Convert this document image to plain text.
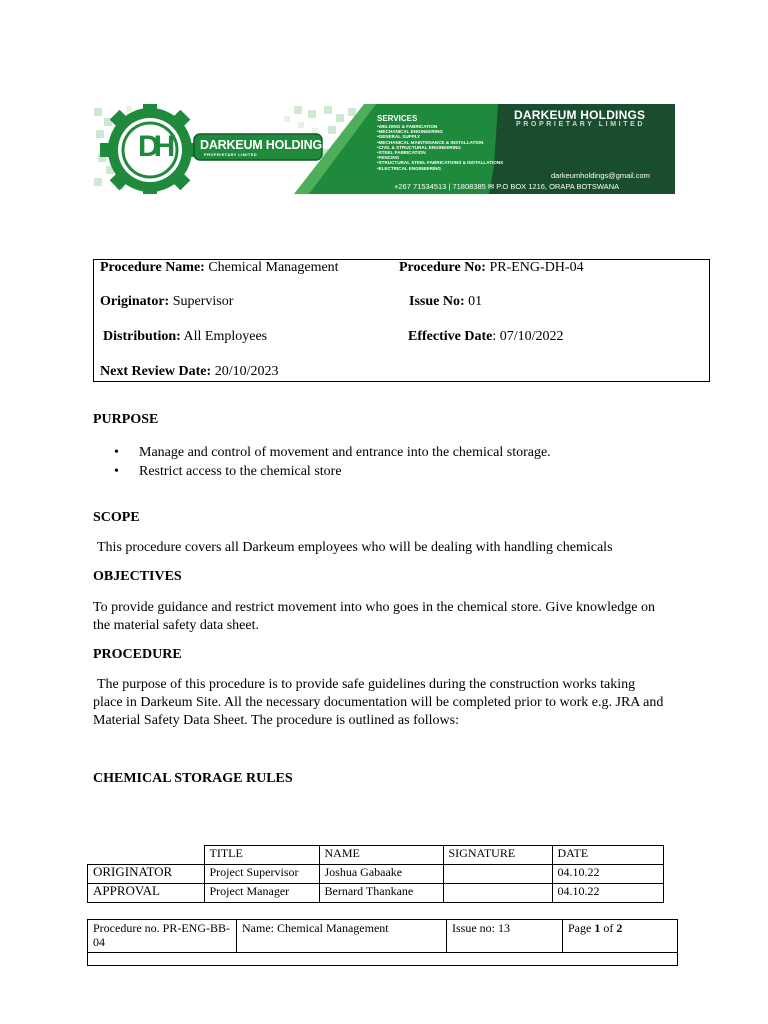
DH DARKEUM HOLDINGS
PROPRIETARY LIMITED
SERVICES
• WELDING & FABRICATION
• MECHANICAL ENGINEERING
• GENERAL SUPPLY
• MECHANICAL MAINTENANCE & INSTALLATION
• CIVIL & STRUCTURAL ENGINEERING
• STEEL FABRICATION
• FENCING
• STRUCTURAL STEEL FABRICATIONS & INSTALLATIONS
• ELECTRICAL ENGINEERING
DARKEUM HOLDINGS
PROPRIETARY LIMITED
darkeumholdings@gmail.com
+267 71534513 | 71808385 ✉ P.O BOX 1216, ORAPA BOTSWANA
Procedure Name: Chemical Management	Procedure No: PR-ENG-DH-04
Originator: Supervisor	Issue No: 01
Distribution: All Employees	Effective Date: 07/10/2022
Next Review Date: 20/10/2023
PURPOSE
• Manage and control of movement and entrance into the chemical storage.
• Restrict access to the chemical store
SCOPE
This procedure covers all Darkeum employees who will be dealing with handling chemicals
OBJECTIVES
To provide guidance and restrict movement into who goes in the chemical store. Give knowledge on the material safety data sheet.
PROCEDURE
The purpose of this procedure is to provide safe guidelines during the construction works taking place in Darkeum Site. All the necessary documentation will be completed prior to work e.g. JRA and Material Safety Data Sheet. The procedure is outlined as follows:
CHEMICAL STORAGE RULES
	TITLE	NAME	SIGNATURE	DATE
ORIGINATOR	Project Supervisor	Joshua Gabaake		04.10.22
APPROVAL	Project Manager	Bernard Thankane		04.10.22
Procedure no. PR-ENG-BB- 04	Name: Chemical Management	Issue no: 13	Page 1 of 2
